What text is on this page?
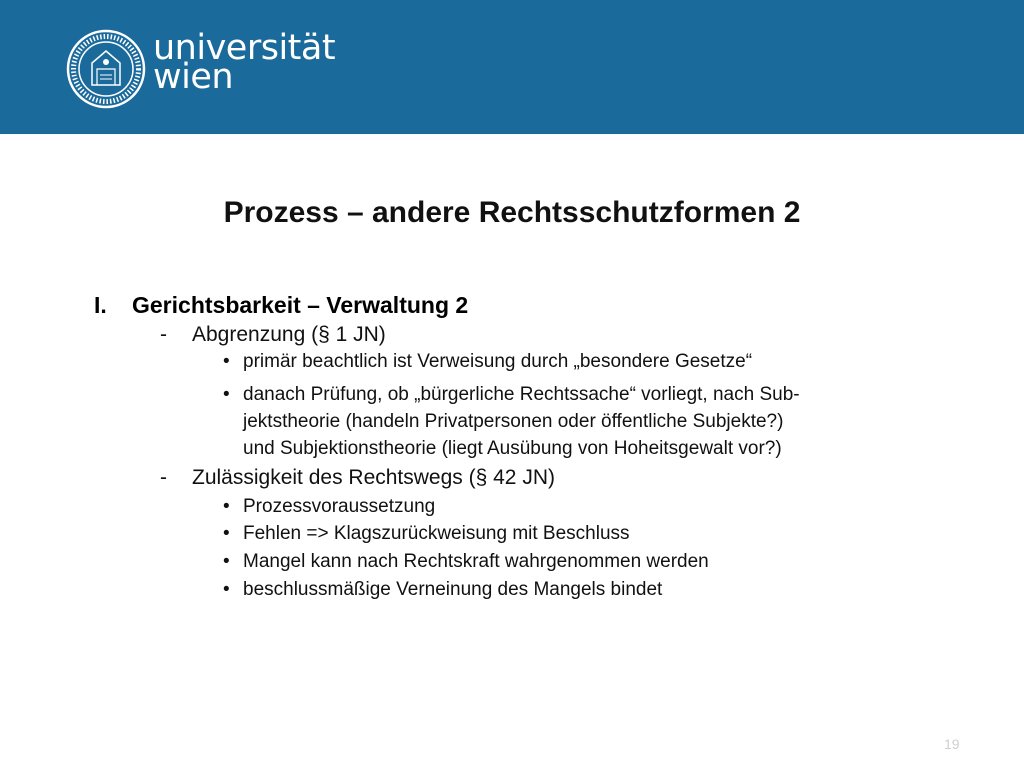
universität
wien
Prozess – andere Rechtsschutzformen 2
I. Gerichtsbarkeit – Verwaltung 2
- Abgrenzung (§ 1 JN)
• primär beachtlich ist Verweisung durch „besondere Gesetze“
• danach Prüfung, ob „bürgerliche Rechtssache“ vorliegt, nach Sub-
jektstheorie (handeln Privatpersonen oder öffentliche Subjekte?)
und Subjektionstheorie (liegt Ausübung von Hoheitsgewalt vor?)
- Zulässigkeit des Rechtswegs (§ 42 JN)
• Prozessvoraussetzung
• Fehlen => Klagszurückweisung mit Beschluss
• Mangel kann nach Rechtskraft wahrgenommen werden
• beschlussmäßige Verneinung des Mangels bindet
19
